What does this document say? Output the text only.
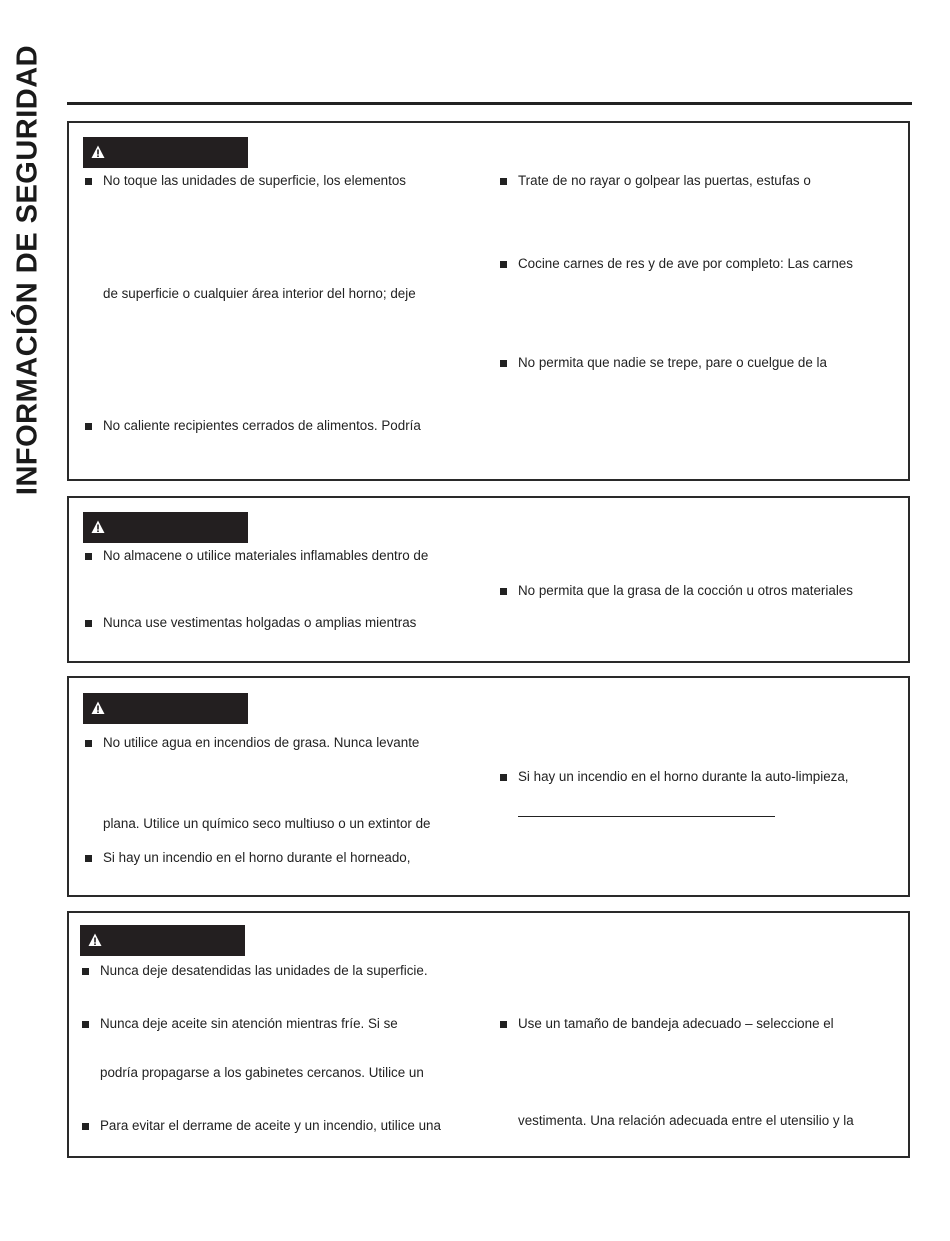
INFORMACIÓN DE SEGURIDAD	No toque las unidades de superficie, los elementos
de superficie o cualquier área interior del horno; deje
No caliente recipientes cerrados de alimentos. Podría
Trate de no rayar o golpear las puertas, estufas o
Cocine carnes de res y de ave por completo: Las carnes
No permita que nadie se trepe, pare o cuelgue de la
No almacene o utilice materiales inflamables dentro de
Nunca use vestimentas holgadas o amplias mientras
No permita que la grasa de la cocción u otros materiales
No utilice agua en incendios de grasa. Nunca levante
plana. Utilice un químico seco multiuso o un extintor de
Si hay un incendio en el horno durante el horneado,
Si hay un incendio en el horno durante la auto-limpieza,
Nunca deje desatendidas las unidades de la superficie.
Nunca deje aceite sin atención mientras fríe. Si se
podría propagarse a los gabinetes cercanos. Utilice un
Para evitar el derrame de aceite y un incendio, utilice una
Use un tamaño de bandeja adecuado – seleccione el
vestimenta. Una relación adecuada entre el utensilio y la
